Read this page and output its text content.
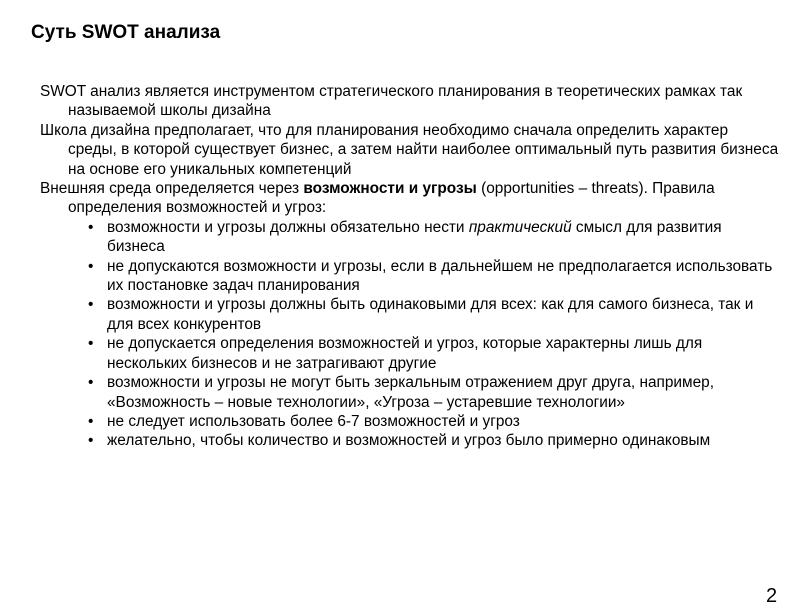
Суть SWOT анализа

SWOT анализ является инструментом стратегического планирования в теоретических рамках так называемой школы дизайна

Школа дизайна предполагает, что для планирования необходимо сначала определить характер среды, в которой существует бизнес, а затем найти наиболее оптимальный путь развития бизнеса на основе его уникальных компетенций

Внешняя среда определяется через возможности и угрозы (opportunities – threats). Правила определения возможностей и угроз:

• возможности и угрозы должны обязательно нести практический смысл для развития бизнеса
• не допускаются возможности и угрозы, если в дальнейшем не предполагается использовать их постановке задач планирования
• возможности и угрозы должны быть одинаковыми для всех: как для самого бизнеса, так и для всех конкурентов
• не допускается определения возможностей и угроз, которые характерны лишь для нескольких бизнесов и не затрагивают другие
• возможности и угрозы не могут быть зеркальным отражением друг друга, например, «Возможность – новые технологии», «Угроза – устаревшие технологии»
• не следует использовать более 6-7 возможностей и угроз
• желательно, чтобы количество и возможностей и угроз было примерно одинаковым
2
